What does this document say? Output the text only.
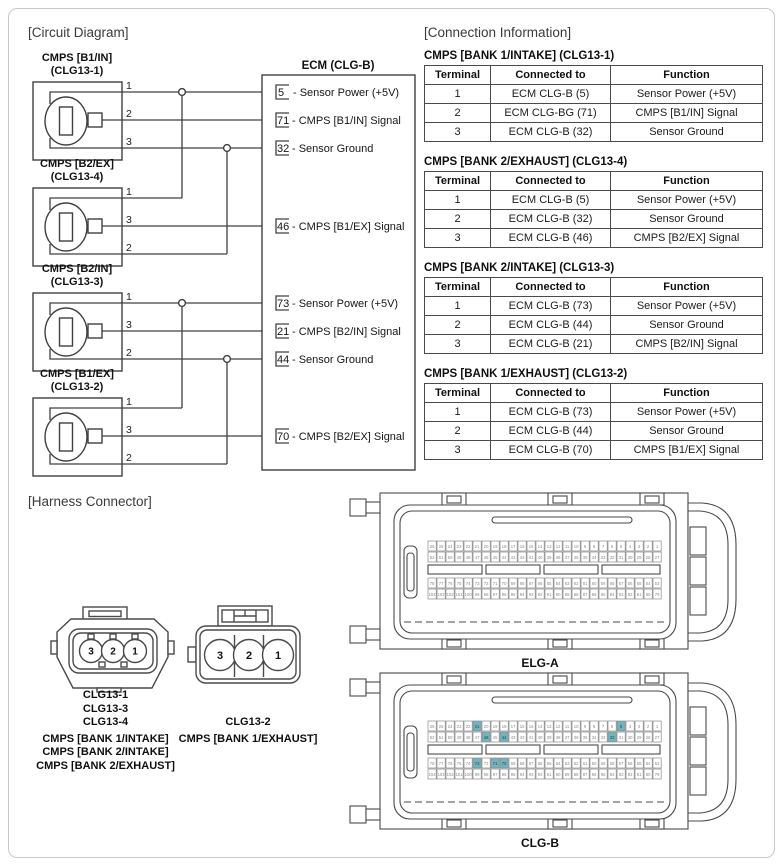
[Circuit Diagram]	[Connection Information]
[Harness Connector]
ECM (CLG-B)
5 - Sensor Power (+5V)
71 - CMPS [B1/IN] Signal
32 - Sensor Ground
46 - CMPS [B1/EX] Signal
73 - Sensor Power (+5V)
21 - CMPS [B2/IN] Signal
44 - Sensor Ground
70 - CMPS [B2/EX] Signal
CMPS [B1/IN]
(CLG13-1)
1
2
3
CMPS [B2/EX]
(CLG13-4)
1
3
2
CMPS [B2/IN]
(CLG13-3)
1
3
2
CMPS [B1/EX]
(CLG13-2)
1
3
2
CMPS [BANK 1/INTAKE] (CLG13-1)
Terminal	Connected to	Function
1	ECM CLG-B (5)	Sensor Power (+5V)
2	ECM CLG-BG (71)	CMPS [B1/IN] Signal
3	ECM CLG-B (32)	Sensor Ground
CMPS [BANK 2/EXHAUST] (CLG13-4)
Terminal	Connected to	Function
1	ECM CLG-B (5)	Sensor Power (+5V)
2	ECM CLG-B (32)	Sensor Ground
3	ECM CLG-B (46)	CMPS [B2/EX] Signal
CMPS [BANK 2/INTAKE] (CLG13-3)
Terminal	Connected to	Function
1	ECM CLG-B (73)	Sensor Power (+5V)
2	ECM CLG-B (44)	Sensor Ground
3	ECM CLG-B (21)	CMPS [B2/IN] Signal
CMPS [BANK 1/EXHAUST] (CLG13-2)
Terminal	Connected to	Function
1	ECM CLG-B (73)	Sensor Power (+5V)
2	ECM CLG-B (44)	Sensor Ground
3	ECM CLG-B (70)	CMPS [B1/EX] Signal
3 2 1	3 2 1
CLG13-1
CLG13-3
CLG13-4
CMPS [BANK 1/INTAKE]
CMPS [BANK 2/INTAKE]
CMPS [BANK 2/EXHAUST]
CLG13-2
CMPS [BANK 1/EXHAUST]
26 25 24 23 22 21 20 19 18 17 16 15 14 13 12 11 10 9 8 7 6 5 4 3 2 1
52 51 50 49 48 47 46 45 44 43 42 41 40 39 38 37 36 35 34 33 32 31 30 29 28 27
78 77 76 75 74 73 72 71 70 69 68 67 66 65 64 63 62 61 60 59 58 57 56 55 54 53
104 103 102 101 100 99 98 97 96 95 94 93 92 91 90 89 88 87 86 85 84 83 82 81 80 79
ELG-A
26 25 24 23 22 21 20 19 18 17 16 15 14 13 12 11 10 9 8 7 6 5 4 3 2 1
52 51 50 49 48 47 46 45 44 43 42 41 40 39 38 37 36 35 34 33 32 31 30 29 28 27
78 77 76 75 74 73 72 71 70 69 68 67 66 65 64 63 62 61 60 59 58 57 56 55 54 53
104 103 102 101 100 99 98 97 96 95 94 93 92 91 90 89 88 87 86 85 84 83 82 81 80 79
CLG-B
